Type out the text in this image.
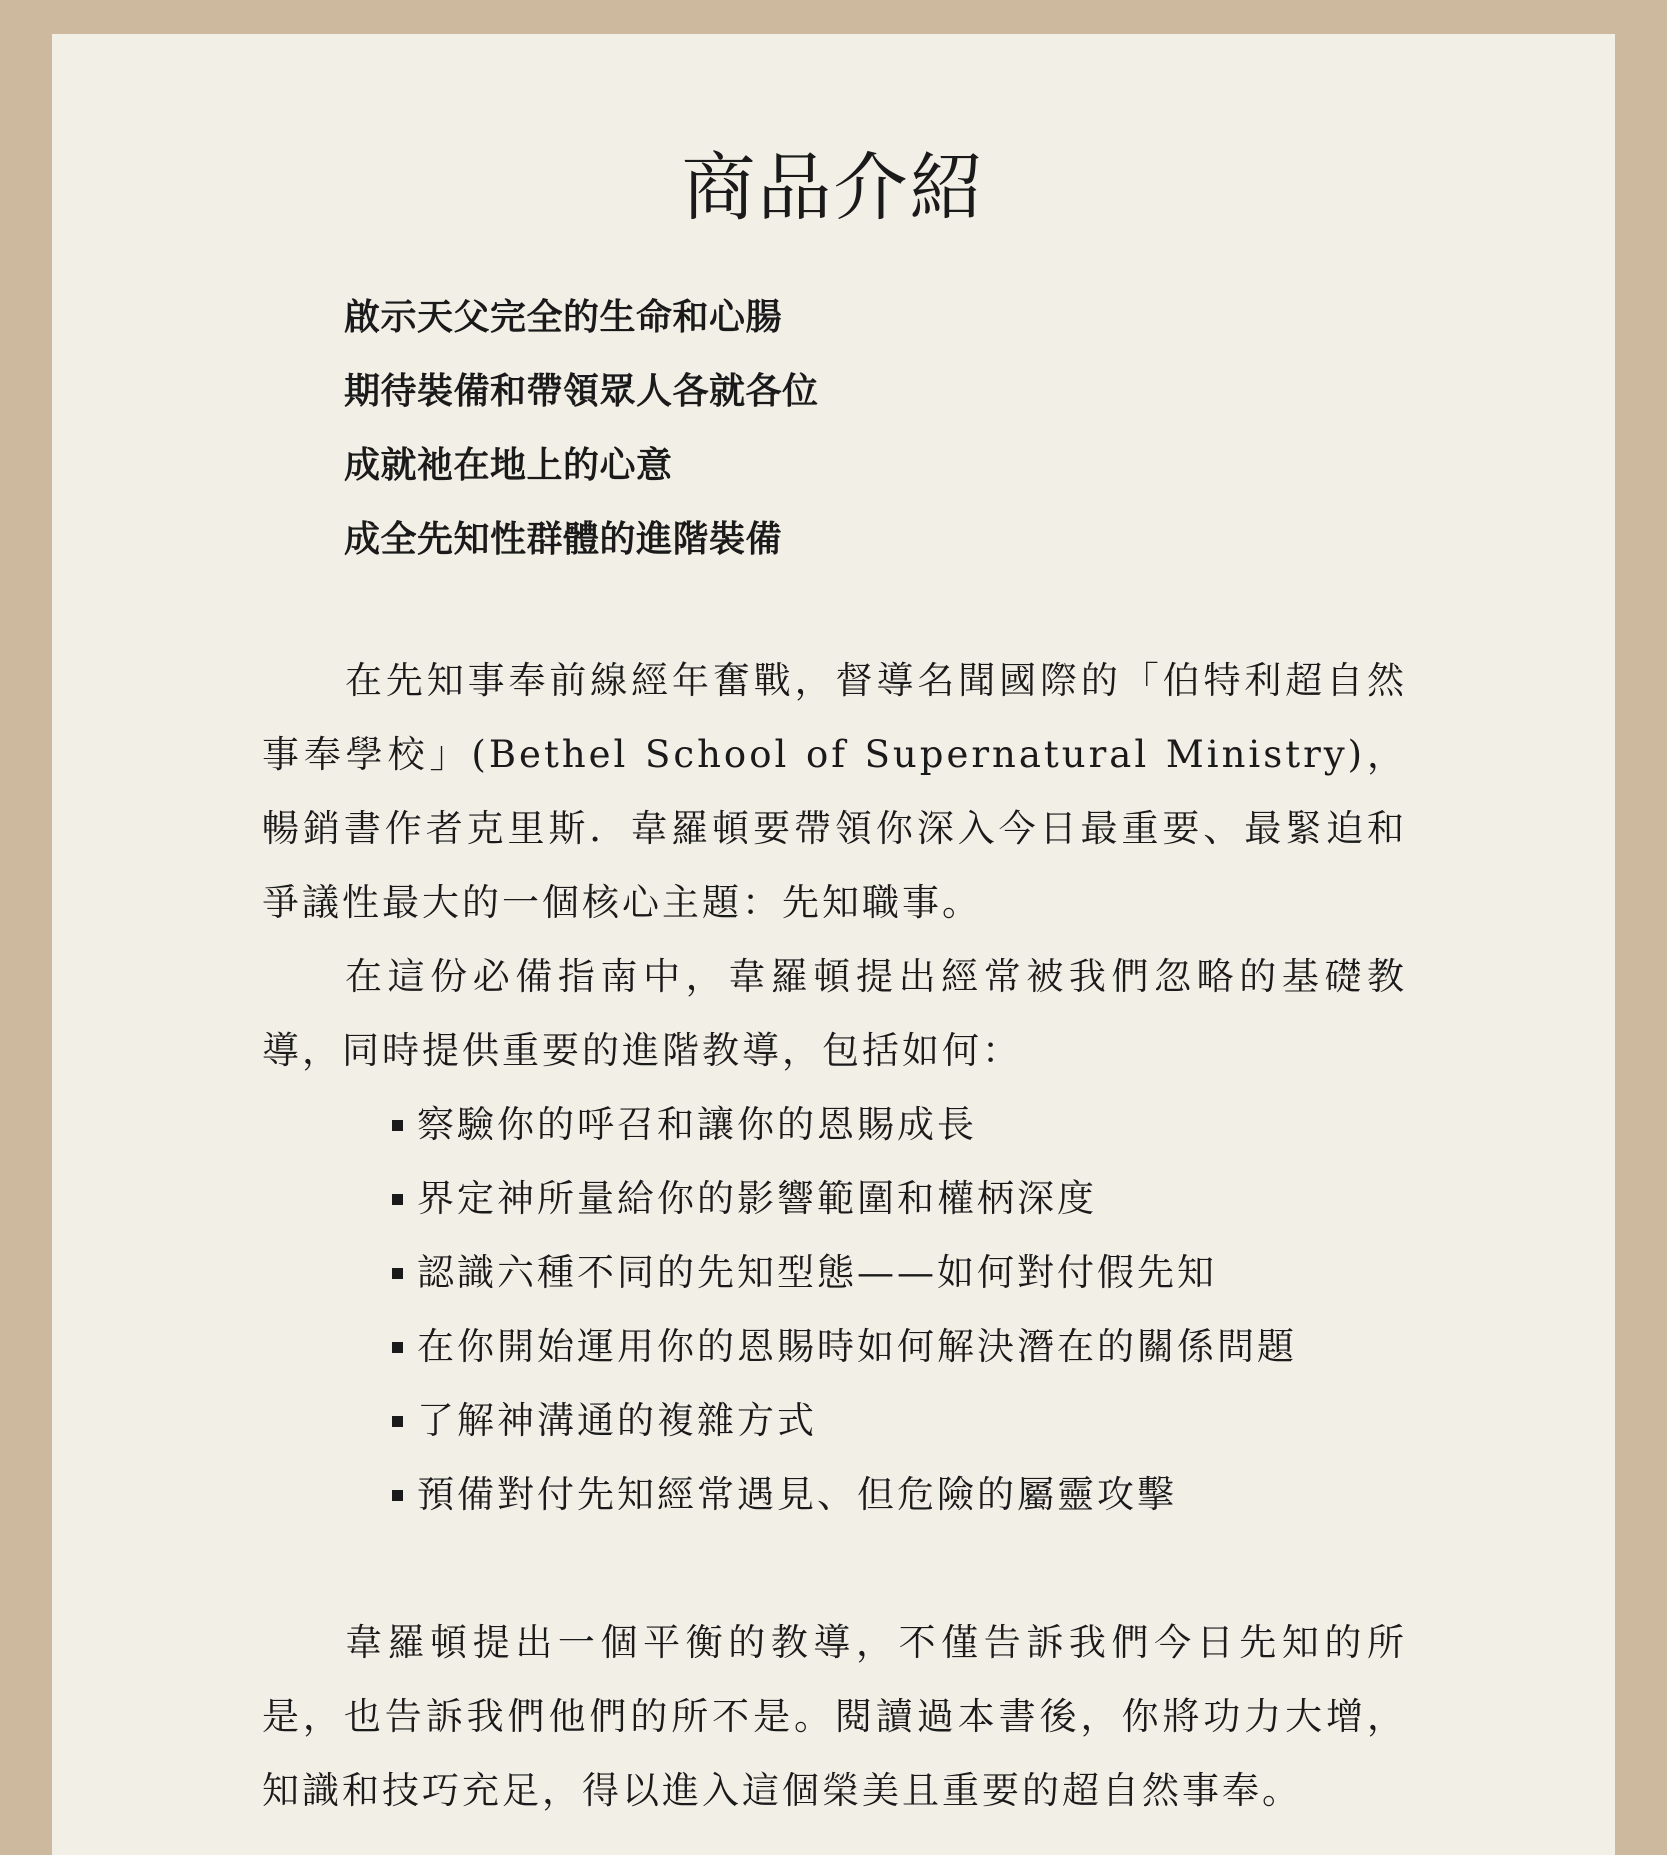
商品介紹
啟示天父完全的生命和心腸
期待裝備和帶領眾人各就各位
成就祂在地上的心意
成全先知性群體的進階裝備

在先知事奉前線經年奮戰，督導名聞國際的「伯特利超自然事奉學校」(Bethel School of Supernatural Ministry)，暢銷書作者克里斯．韋羅頓要帶領你深入今日最重要、最緊迫和爭議性最大的一個核心主題：先知職事。

在這份必備指南中，韋羅頓提出經常被我們忽略的基礎教導，同時提供重要的進階教導，包括如何：

察驗你的呼召和讓你的恩賜成長
界定神所量給你的影響範圍和權柄深度
認識六種不同的先知型態——如何對付假先知
在你開始運用你的恩賜時如何解決潛在的關係問題
了解神溝通的複雜方式
預備對付先知經常遇見、但危險的屬靈攻擊

韋羅頓提出一個平衡的教導，不僅告訴我們今日先知的所是，也告訴我們他們的所不是。閱讀過本書後，你將功力大增，知識和技巧充足，得以進入這個榮美且重要的超自然事奉。
